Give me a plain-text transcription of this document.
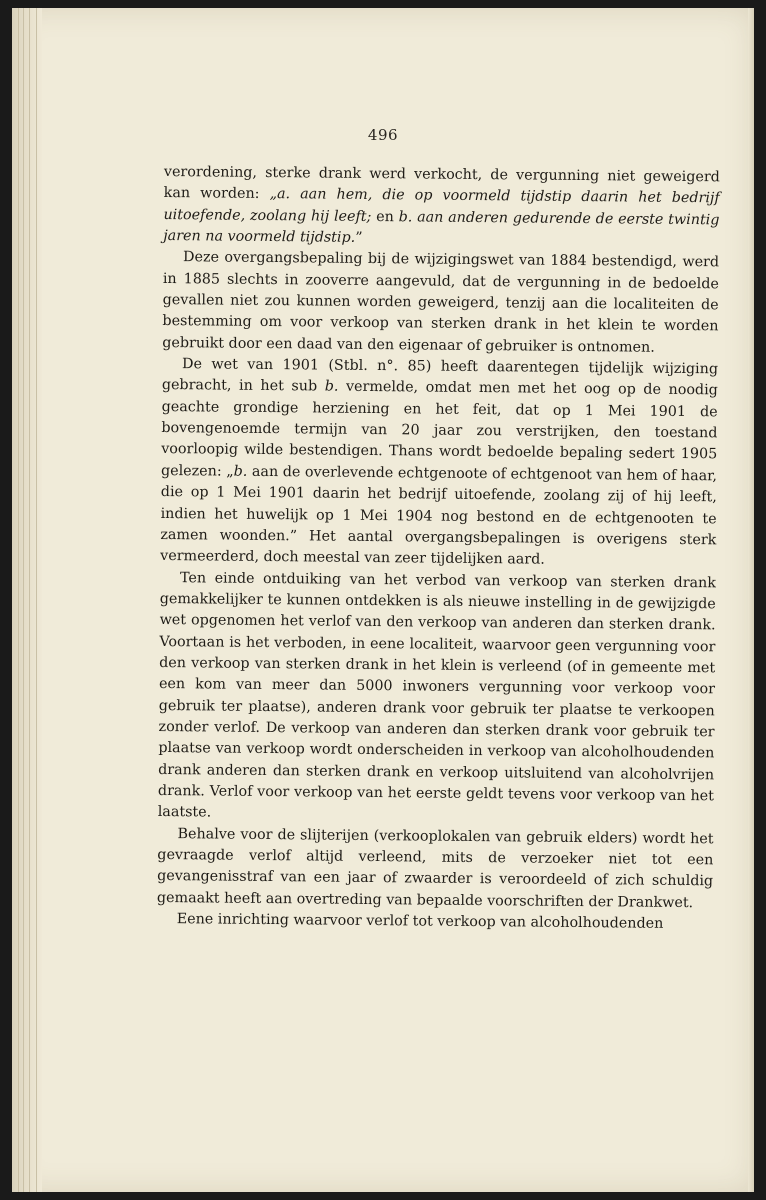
496

verordening, sterke drank werd verkocht, de vergunning niet geweigerd kan worden: „a. aan hem, die op voormeld tijdstip daarin het bedrijf uitoefende, zoolang hij leeft; en b. aan anderen gedurende de eerste twintig jaren na voormeld tijdstip.”

Deze overgangsbepaling bij de wijzigingswet van 1884 bestendigd, werd in 1885 slechts in zooverre aangevuld, dat de vergunning in de bedoelde gevallen niet zou kunnen worden geweigerd, tenzij aan die localiteiten de bestemming om voor verkoop van sterken drank in het klein te worden gebruikt door een daad van den eigenaar of gebruiker is ontnomen.

De wet van 1901 (Stbl. n°. 85) heeft daarentegen tijdelijk wijziging gebracht, in het sub b. vermelde, omdat men met het oog op de noodig geachte grondige herziening en het feit, dat op 1 Mei 1901 de bovengenoemde termijn van 20 jaar zou verstrijken, den toestand voorloopig wilde bestendigen. Thans wordt bedoelde bepaling sedert 1905 gelezen: „b. aan de overlevende echtgenoote of echtgenoot van hem of haar, die op 1 Mei 1901 daarin het bedrijf uitoefende, zoolang zij of hij leeft, indien het huwelijk op 1 Mei 1904 nog bestond en de echtgenooten te zamen woonden.” Het aantal overgangsbepalingen is overigens sterk vermeerderd, doch meestal van zeer tijdelijken aard.

Ten einde ontduiking van het verbod van verkoop van sterken drank gemakkelijker te kunnen ontdekken is als nieuwe instelling in de gewijzigde wet opgenomen het verlof van den verkoop van anderen dan sterken drank. Voortaan is het verboden, in eene localiteit, waarvoor geen vergunning voor den verkoop van sterken drank in het klein is verleend (of in gemeente met een kom van meer dan 5000 inwoners vergunning voor verkoop voor gebruik ter plaatse), anderen drank voor gebruik ter plaatse te verkoopen zonder verlof. De verkoop van anderen dan sterken drank voor gebruik ter plaatse van verkoop wordt onderscheiden in verkoop van alcoholhoudenden drank anderen dan sterken drank en verkoop uitsluitend van alcoholvrijen drank. Verlof voor verkoop van het eerste geldt tevens voor verkoop van het laatste.

Behalve voor de slijterijen (verkooplokalen van gebruik elders) wordt het gevraagde verlof altijd verleend, mits de verzoeker niet tot een gevangenisstraf van een jaar of zwaarder is veroordeeld of zich schuldig gemaakt heeft aan overtreding van bepaalde voorschriften der Drankwet.

Eene inrichting waarvoor verlof tot verkoop van alcoholhoudenden
